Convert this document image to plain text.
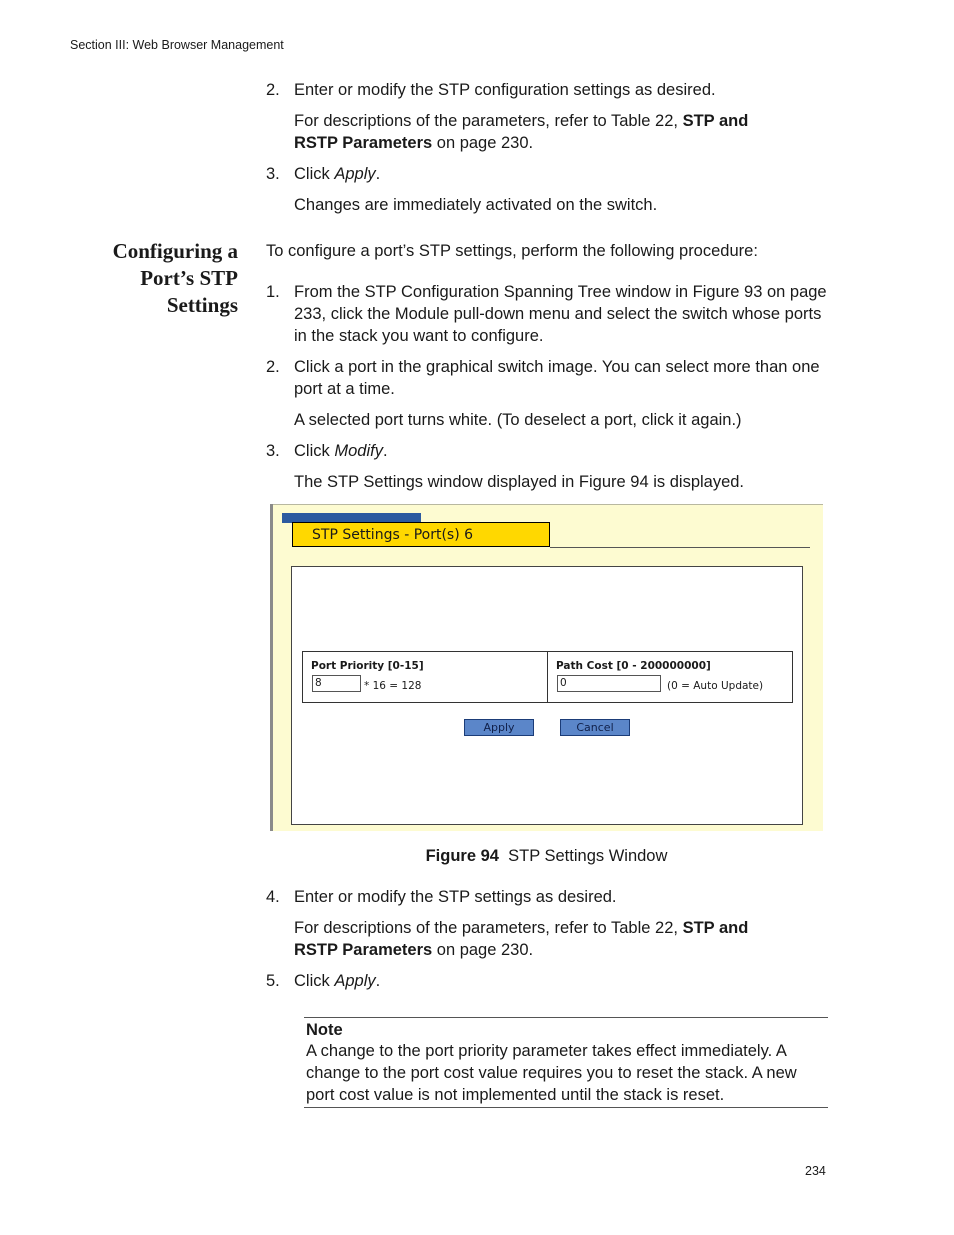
Section III: Web Browser Management
2. Enter or modify the STP configuration settings as desired.
For descriptions of the parameters, refer to Table 22, STP and RSTP Parameters on page 230.
3. Click Apply.
Changes are immediately activated on the switch.
Configuring a
Port’s STP
Settings
To configure a port’s STP settings, perform the following procedure:
1. From the STP Configuration Spanning Tree window in Figure 93 on page 233, click the Module pull-down menu and select the switch whose ports in the stack you want to configure.
2. Click a port in the graphical switch image. You can select more than one port at a time.
A selected port turns white. (To deselect a port, click it again.)
3. Click Modify.
The STP Settings window displayed in Figure 94 is displayed.
STP Settings - Port(s) 6
Port Priority [0-15]
8	* 16 = 128
Path Cost [0 - 200000000]
0	(0 = Auto Update)
Apply	Cancel
Figure 94 STP Settings Window
4. Enter or modify the STP settings as desired.
For descriptions of the parameters, refer to Table 22, STP and RSTP Parameters on page 230.
5. Click Apply.
Note
A change to the port priority parameter takes effect immediately. A change to the port cost value requires you to reset the stack. A new port cost value is not implemented until the stack is reset.
234
